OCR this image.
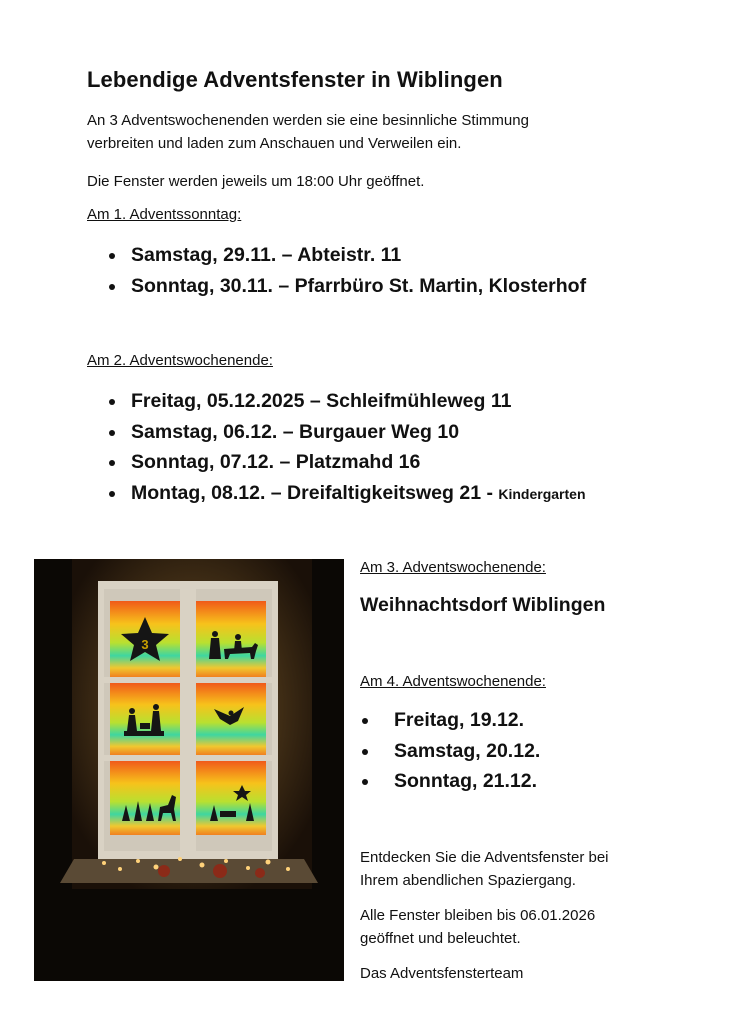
Lebendige Adventsfenster in Wiblingen

An 3 Adventswochenenden werden sie eine besinnliche Stimmung

verbreiten und laden zum Anschauen und Verweilen ein.

Die Fenster werden jeweils um 18:00 Uhr geöffnet.

Am 1. Adventssonntag:
Samstag, 29.11. – Abteistr. 11
Sonntag, 30.11. – Pfarrbüro St. Martin, Klosterhof
Am 2. Adventswochenende:
Freitag, 05.12.2025 – Schleifmühleweg 11
Samstag, 06.12. – Burgauer Weg 10
Sonntag, 07.12. – Platzmahd 16
Montag, 08.12. – Dreifaltigkeitsweg 21 - Kindergarten
3
Am 3. Adventswochenende:
Weihnachtsdorf Wiblingen
Am 4. Adventswochenende:
Freitag, 19.12.
Samstag, 20.12.
Sonntag, 21.12.

Entdecken Sie die Adventsfenster bei

Ihrem abendlichen Spaziergang.

Alle Fenster bleiben bis 06.01.2026

geöffnet und beleuchtet.

Das Adventsfensterteam
